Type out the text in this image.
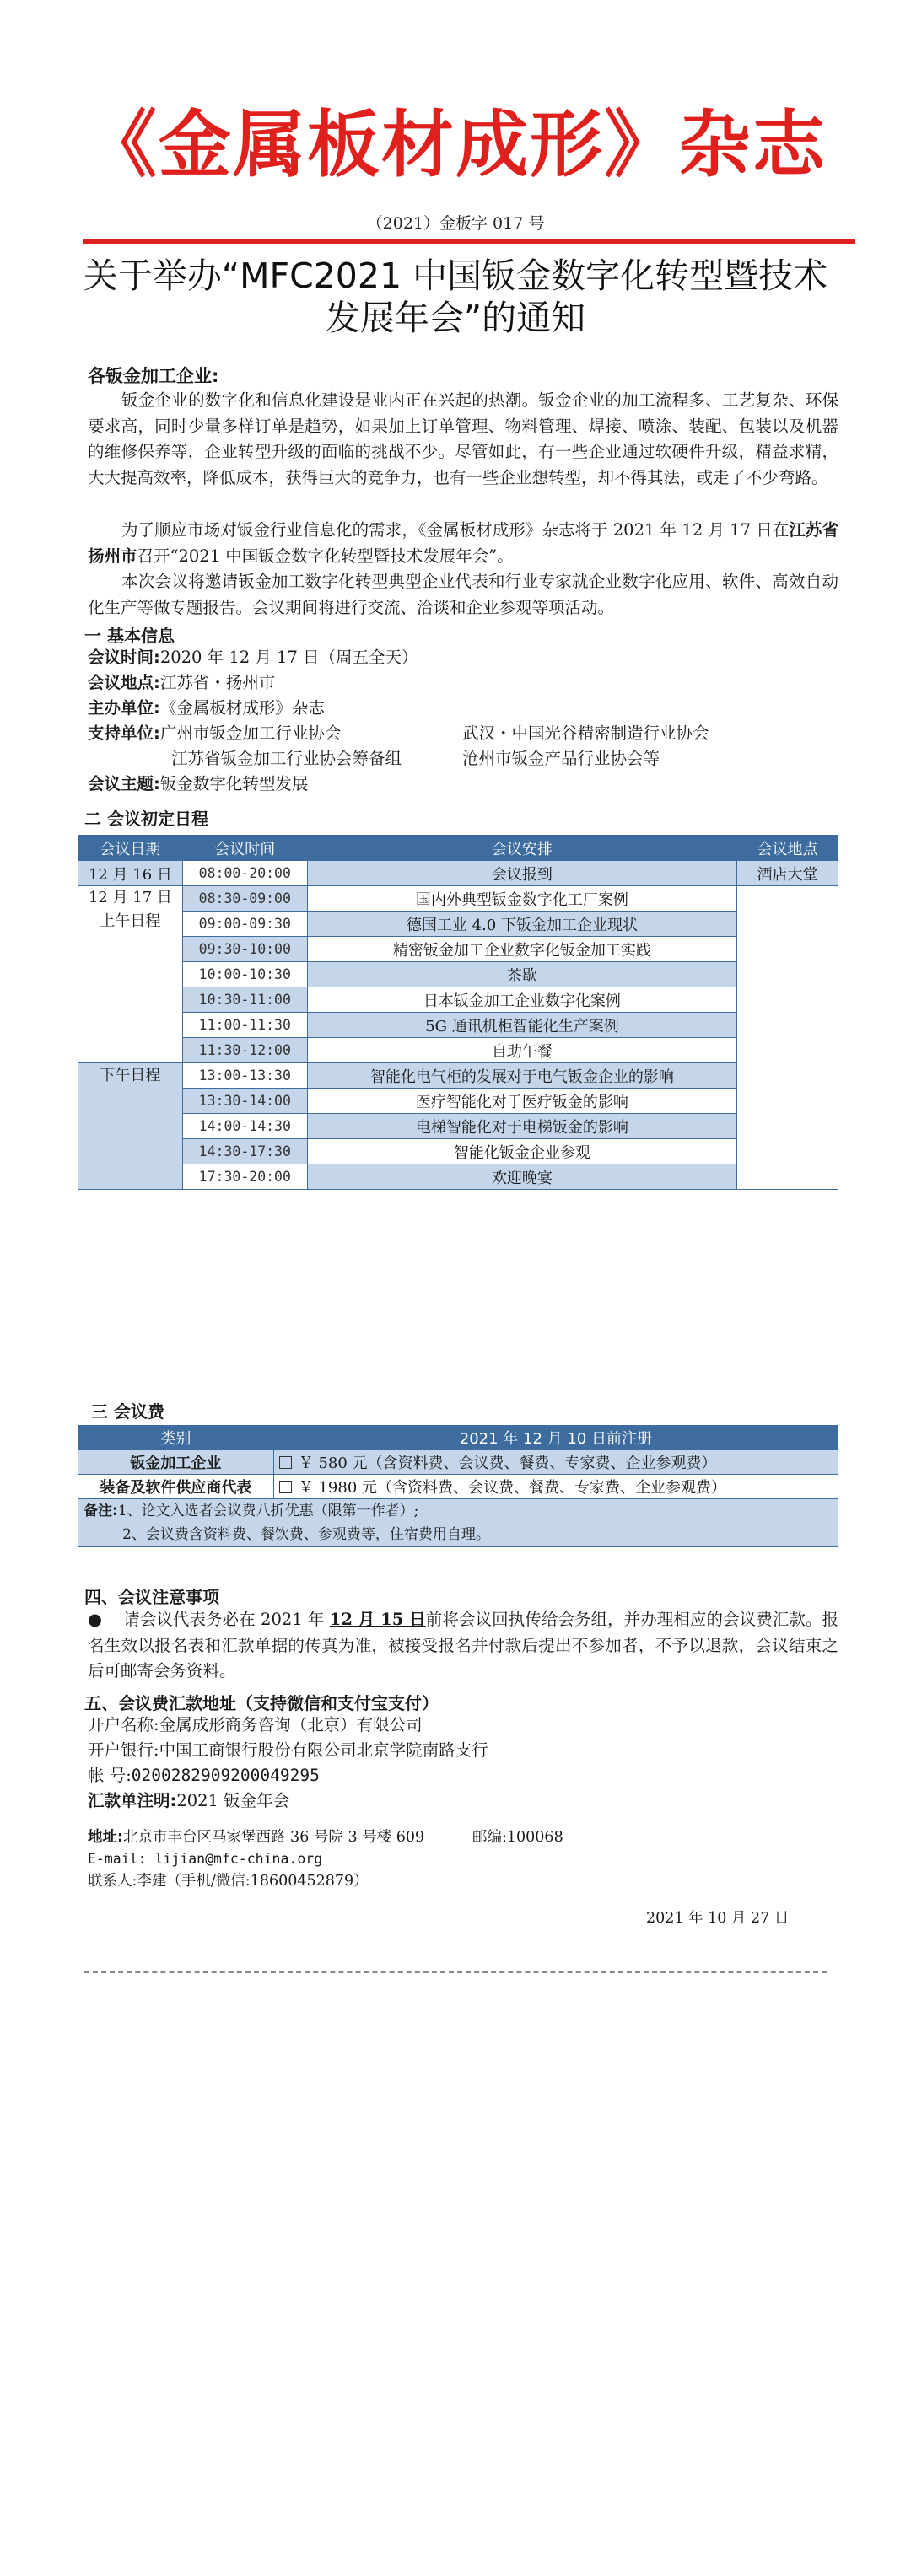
《金属板材成形》杂志
（2021）金板字 017 号
关于举办“MFC2021 中国钣金数字化转型暨技术
发展年会”的通知
各钣金加工企业:
钣金企业的数字化和信息化建设是业内正在兴起的热潮。钣金企业的加工流程多、工艺复杂、环保要求高，同时少量多样订单是趋势，如果加上订单管理、物料管理、焊接、喷涂、装配、包装以及机器的维修保养等，企业转型升级的面临的挑战不少。尽管如此，有一些企业通过软硬件升级，精益求精，大大提高效率，降低成本，获得巨大的竞争力，也有一些企业想转型，却不得其法，或走了不少弯路。
为了顺应市场对钣金行业信息化的需求，《金属板材成形》杂志将于 2021 年 12 月 17 日在江苏省扬州市召开“2021 中国钣金数字化转型暨技术发展年会”。
本次会议将邀请钣金加工数字化转型典型企业代表和行业专家就企业数字化应用、软件、高效自动化生产等做专题报告。会议期间将进行交流、洽谈和企业参观等项活动。
一 基本信息
会议时间:2020 年 12 月 17 日（周五全天）
会议地点:江苏省・扬州市
主办单位:《金属板材成形》杂志
支持单位:广州市钣金加工行业协会	武汉・中国光谷精密制造行业协会
江苏省钣金加工行业协会筹备组	沧州市钣金产品行业协会等
会议主题:钣金数字化转型发展
二 会议初定日程
会议日期	会议时间	会议安排	会议地点
12 月 16 日	08:00-20:00	会议报到	酒店大堂

12 月 17 日
上午日程	08:30-09:00	国内外典型钣金数字化工厂案例	
	09:00-09:30	德国工业 4.0 下钣金加工企业现状	
	09:30-10:00	精密钣金加工企业数字化钣金加工实践	
	10:00-10:30	茶歇	
	10:30-11:00	日本钣金加工企业数字化案例	
	11:00-11:30	5G 通讯机柜智能化生产案例	
	11:30-12:00	自助午餐	
下午日程	13:00-13:30	智能化电气柜的发展对于电气钣金企业的影响	
	13:30-14:00	医疗智能化对于医疗钣金的影响	
	14:00-14:30	电梯智能化对于电梯钣金的影响	
	14:30-17:30	智能化钣金企业参观	
	17:30-20:00	欢迎晚宴	
三 会议费
类别	2021 年 12 月 10 日前注册
钣金加工企业	￥ 580 元（含资料费、会议费、餐费、专家费、企业参观费）
装备及软件供应商代表	￥ 1980 元（含资料费、会议费、餐费、专家费、企业参观费）

备注:1、论文入选者会议费八折优惠（限第一作者）;
2、会议费含资料费、餐饮费、参观费等，住宿费用自理。	
四、会议注意事项
● 请会议代表务必在 2021 年 12 月 15 日前将会议回执传给会务组，并办理相应的会议费汇款。报名生效以报名表和汇款单据的传真为准，被接受报名并付款后提出不参加者，不予以退款，会议结束之后可邮寄会务资料。
五、会议费汇款地址（支持微信和支付宝支付）
开户名称:金属成形商务咨询（北京）有限公司
开户银行:中国工商银行股份有限公司北京学院南路支行
帐 号:0200282909200049295
汇款单注明:2021 钣金年会
地址:北京市丰台区马家堡西路 36 号院 3 号楼 609	邮编:100068
E-mail: lijian@mfc-china.org
联系人:李建（手机/微信:18600452879）
2021 年 10 月 27 日
